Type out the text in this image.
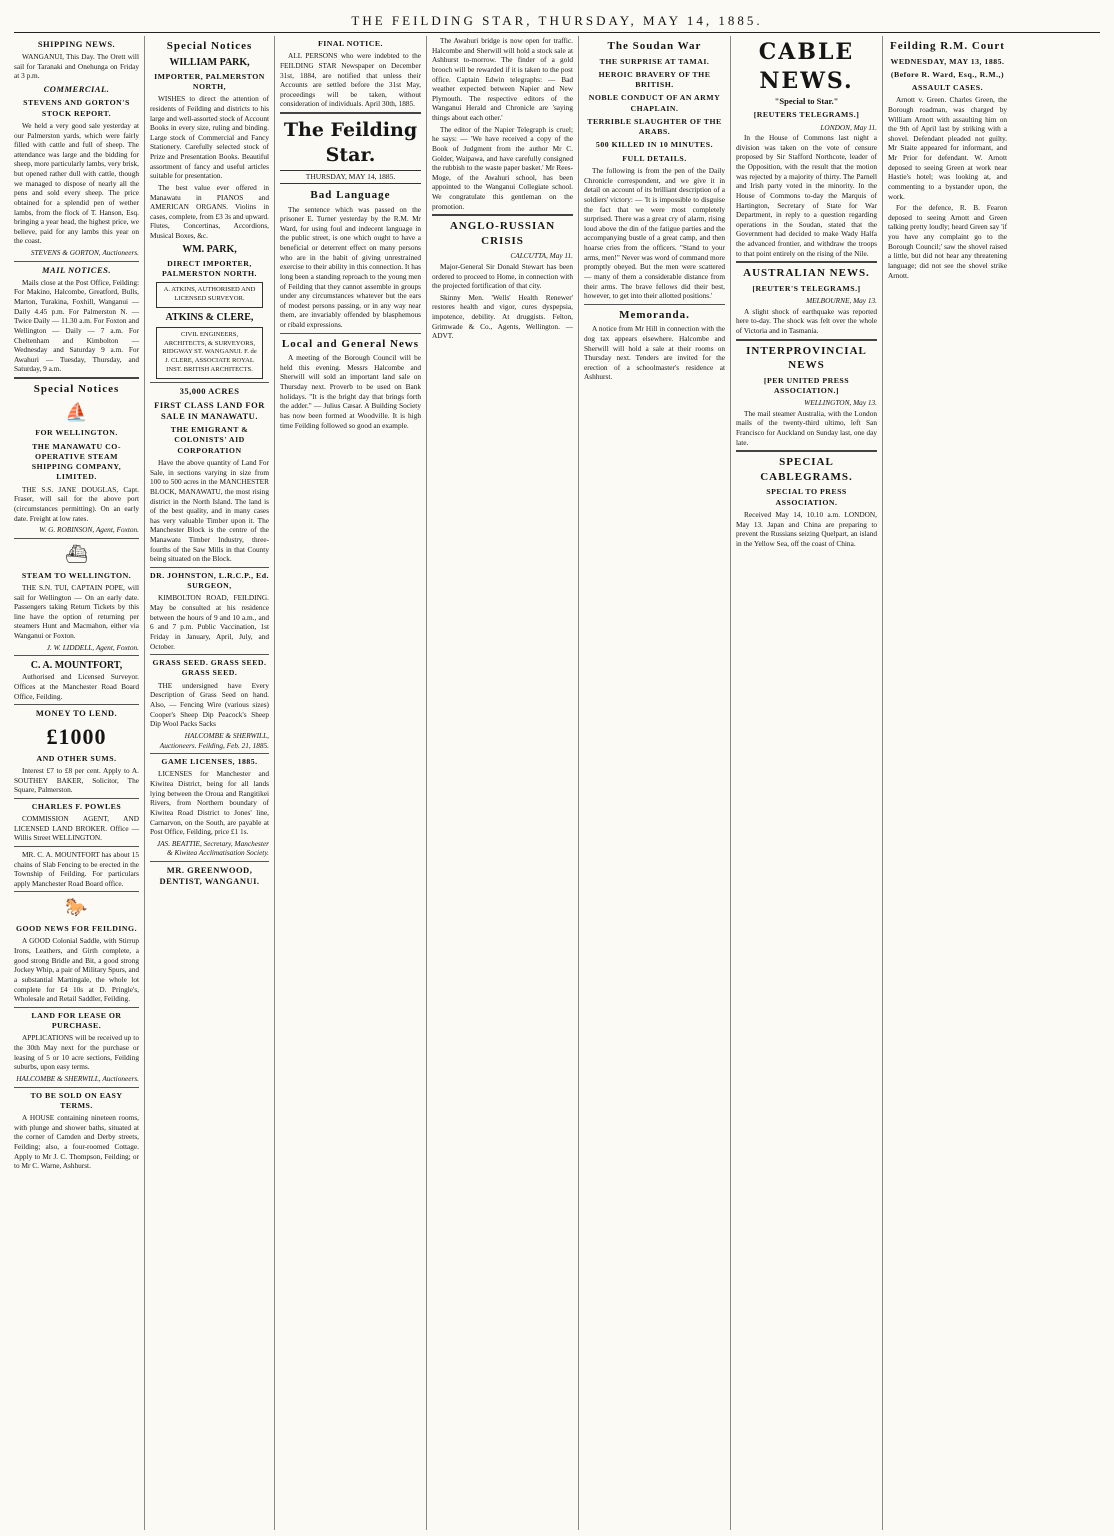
THE FEILDING STAR, THURSDAY, MAY 14, 1885.
SHIPPING NEWS.

WANGANUI, This Day. The Orett will sail for Taranaki and Onehunga on Friday at 3 p.m.

COMMERCIAL.
STEVENS AND GORTON'S STOCK REPORT.

We held a very good sale yesterday at our Palmerston yards, which were fairly filled with cattle and full of sheep. The attendance was large and the bidding for sheep, more particularly lambs, very brisk, but opened rather dull with cattle, though we managed to dispose of nearly all the pens and sold every sheep. The price obtained for a splendid pen of wether lambs, from the flock of T. Hanson, Esq. bringing a year head, the highest price, we believe, paid for any lambs this year on the coast.

STEVENS & GORTON, Auctioneers.
MAIL NOTICES.

Mails close at the Post Office, Feilding: For Makino, Halcombe, Greatford, Bulls, Marton, Turakina, Foxhill, Wanganui — Daily 4.45 p.m. For Palmerston N. — Twice Daily — 11.30 a.m. For Foxton and Wellington — Daily — 7 a.m. For Cheltenham and Kimbolton — Wednesday and Saturday 9 a.m. For Awahuri — Tuesday, Thursday, and Saturday, 9 a.m.

Special Notices
⛵
FOR WELLINGTON.
THE MANAWATU CO-OPERATIVE STEAM SHIPPING COMPANY, LIMITED.

THE S.S. JANE DOUGLAS, Capt. Fraser, will sail for the above port (circumstances permitting). On an early date. Freight at low rates.

W. G. ROBINSON, Agent, Foxton.
⛴
STEAM TO WELLINGTON.

THE S.N. TUI, CAPTAIN POPE, will sail for Wellington — On an early date. Passengers taking Return Tickets by this line have the option of returning per steamers Hunt and Macmahon, either via Wanganui or Foxton.

J. W. LIDDELL, Agent, Foxton.
C. A. MOUNTFORT,

Authorised and Licensed Surveyor. Offices at the Manchester Road Board Office, Feilding.

MONEY TO LEND.
£1000
AND OTHER SUMS.

Interest £7 to £8 per cent. Apply to A. SOUTHEY BAKER, Solicitor, The Square, Palmerston.

CHARLES F. POWLES

COMMISSION AGENT, AND LICENSED LAND BROKER. Office — Willis Street WELLINGTON.

MR. C. A. MOUNTFORT has about 15 chains of Slab Fencing to be erected in the Township of Feilding. For particulars apply Manchester Road Board office.

🐎
GOOD NEWS FOR FEILDING.

A GOOD Colonial Saddle, with Stirrup Irons, Leathers, and Girth complete, a good strong Bridle and Bit, a good strong Jockey Whip, a pair of Military Spurs, and a substantial Martingale, the whole lot complete for £4 10s at D. Pringle's, Wholesale and Retail Saddler, Feilding.

LAND FOR LEASE OR PURCHASE.

APPLICATIONS will be received up to the 30th May next for the purchase or leasing of 5 or 10 acre sections, Feilding suburbs, upon easy terms.

HALCOMBE & SHERWILL, Auctioneers.
TO BE SOLD ON EASY TERMS.

A HOUSE containing nineteen rooms, with plunge and shower baths, situated at the corner of Camden and Derby streets, Feilding; also, a four-roomed Cottage. Apply to Mr J. C. Thompson, Feilding; or to Mr C. Warne, Ashhurst.

Special Notices
WILLIAM PARK,
IMPORTER, PALMERSTON NORTH,

WISHES to direct the attention of residents of Feilding and districts to his large and well-assorted stock of Account Books in every size, ruling and binding. Large stock of Commercial and Fancy Stationery. Carefully selected stock of Prize and Presentation Books. Beautiful assortment of fancy and useful articles suitable for presentation.

The best value ever offered in Manawatu in PIANOS and AMERICAN ORGANS. Violins in cases, complete, from £3 3s and upward. Flutes, Concertinas, Accordions, Musical Boxes, &c.

WM. PARK,
DIRECT IMPORTER, PALMERSTON NORTH.
A. ATKINS, AUTHORISED AND LICENSED SURVEYOR.
ATKINS & CLERE,
CIVIL ENGINEERS, ARCHITECTS, & SURVEYORS, RIDGWAY ST. WANGANUI. F. de J. CLERE, ASSOCIATE ROYAL INST. BRITISH ARCHITECTS.
35,000 ACRES
FIRST CLASS LAND FOR SALE IN MANAWATU.
THE EMIGRANT & COLONISTS' AID CORPORATION

Have the above quantity of Land For Sale, in sections varying in size from 100 to 500 acres in the MANCHESTER BLOCK, MANAWATU, the most rising district in the North Island. The land is of the best quality, and in many cases has very valuable Timber upon it. The Manchester Block is the centre of the Manawatu Timber Industry, three-fourths of the Saw Mills in that County being situated on the Block.

DR. JOHNSTON, L.R.C.P., Ed. SURGEON,

KIMBOLTON ROAD, FEILDING. May be consulted at his residence between the hours of 9 and 10 a.m., and 6 and 7 p.m. Public Vaccination, 1st Friday in January, April, July, and October.

GRASS SEED. GRASS SEED. GRASS SEED.

THE undersigned have Every Description of Grass Seed on hand. Also, — Fencing Wire (various sizes) Cooper's Sheep Dip Peacock's Sheep Dip Wool Packs Sacks

HALCOMBE & SHERWILL, Auctioneers. Feilding, Feb. 21, 1885.
GAME LICENSES, 1885.

LICENSES for Manchester and Kiwitea District, being for all lands lying between the Oroua and Rangitikei Rivers, from Northern boundary of Kiwitea Road District to Jones' line, Carnarvon, on the South, are payable at Post Office, Feilding, price £1 1s.

JAS. BEATTIE, Secretary, Manchester & Kiwitea Acclimatisation Society.
MR. GREENWOOD, DENTIST, WANGANUI.
FINAL NOTICE.

ALL PERSONS who were indebted to the FEILDING STAR Newspaper on December 31st, 1884, are notified that unless their Accounts are settled before the 31st May, proceedings will be taken, without consideration of individuals. April 30th, 1885.

The Feilding Star.
THURSDAY, MAY 14, 1885.
Bad Language

The sentence which was passed on the prisoner E. Turner yesterday by the R.M. Mr Ward, for using foul and indecent language in the public street, is one which ought to have a beneficial or deterrent effect on many persons who are in the habit of giving unrestrained exercise to their ability in this connection. It has long been a standing reproach to the young men of Feilding that they cannot assemble in groups under any circumstances whatever but the ears of modest persons passing, or in any way near them, are invariably offended by blasphemous or ribald expressions.

Local and General News

A meeting of the Borough Council will be held this evening. Messrs Halcombe and Sherwill will sold an important land sale on Thursday next. Proverb to be used on Bank holidays. "It is the bright day that brings forth the adder." — Julius Cæsar. A Building Society has now been formed at Woodville. It is high time Feilding followed so good an example.

The Awahuri bridge is now open for traffic. Halcombe and Sherwill will hold a stock sale at Ashhurst to-morrow. The finder of a gold brooch will be rewarded if it is taken to the post office. Captain Edwin telegraphs: — Bad weather expected between Napier and New Plymouth. The respective editors of the Wanganui Herald and Chronicle are 'saying things about each other.'

The editor of the Napier Telegraph is cruel; he says: — 'We have received a copy of the Book of Judgment from the author Mr C. Golder, Waipawa, and have carefully consigned the rubbish to the waste paper basket.' Mr Rees-Moge, of the Awahuri school, has been appointed to the Wanganui Collegiate school. We congratulate this gentleman on the promotion.

ANGLO-RUSSIAN CRISIS
CALCUTTA, May 11.

Major-General Sir Donald Stewart has been ordered to proceed to Home, in connection with the projected fortification of that city.

Skinny Men. 'Wells' Health Renewer' restores health and vigor, cures dyspepsia, impotence, debility. At druggists. Felton, Grimwade & Co., Agents, Wellington. — ADVT.

The Soudan War
THE SURPRISE AT TAMAI.
HEROIC BRAVERY OF THE BRITISH.
NOBLE CONDUCT OF AN ARMY CHAPLAIN.
TERRIBLE SLAUGHTER OF THE ARABS.
500 KILLED IN 10 MINUTES.
FULL DETAILS.

The following is from the pen of the Daily Chronicle correspondent, and we give it in detail on account of its brilliant description of a soldiers' victory: — 'It is impossible to disguise the fact that we were most completely surprised. There was a great cry of alarm, rising loud above the din of the fatigue parties and the accompanying bustle of a great camp, and then hoarse cries from the officers. "Stand to your arms, men!" Never was word of command more promptly obeyed. But the men were scattered — many of them a considerable distance from their arms. The brave fellows did their best, however, to get into their allotted positions.'

Memoranda.

A notice from Mr Hill in connection with the dog tax appears elsewhere. Halcombe and Sherwill will hold a sale at their rooms on Thursday next. Tenders are invited for the erection of a schoolmaster's residence at Ashhurst.

CABLE NEWS.
"Special to Star."
[REUTERS TELEGRAMS.]
LONDON, May 11.

In the House of Commons last night a division was taken on the vote of censure proposed by Sir Stafford Northcote, leader of the Opposition, with the result that the motion was rejected by a majority of thirty. The Parnell and Irish party voted in the minority. In the House of Commons to-day the Marquis of Hartington, Secretary of State for War Department, in reply to a question regarding operations in the Soudan, stated that the Government had decided to make Wady Halfa the advanced frontier, and withdraw the troops to that point entirely on the rising of the Nile.

AUSTRALIAN NEWS.
[REUTER'S TELEGRAMS.]
MELBOURNE, May 13.

A slight shock of earthquake was reported here to-day. The shock was felt over the whole of Victoria and in Tasmania.

INTERPROVINCIAL NEWS
[PER UNITED PRESS ASSOCIATION.]
WELLINGTON, May 13.

The mail steamer Australia, with the London mails of the twenty-third ultimo, left San Francisco for Auckland on Sunday last, one day late.

SPECIAL CABLEGRAMS.
SPECIAL TO PRESS ASSOCIATION.

Received May 14, 10.10 a.m. LONDON, May 13. Japan and China are preparing to prevent the Russians seizing Quelpart, an island in the Yellow Sea, off the coast of China.

Feilding R.M. Court
WEDNESDAY, MAY 13, 1885.
(Before R. Ward, Esq., R.M.,)
ASSAULT CASES.

Arnott v. Green. Charles Green, the Borough roadman, was charged by William Arnott with assaulting him on the 9th of April last by striking with a shovel. Defendant pleaded not guilty. Mr Staite appeared for informant, and Mr Prior for defendant. W. Arnott deposed to seeing Green at work near Hastie's hotel; was looking at, and commenting to a bystander upon, the work.

For the defence, R. B. Fearon deposed to seeing Arnott and Green talking pretty loudly; heard Green say 'if you have any complaint go to the Borough Council;' saw the shovel raised a little, but did not hear any threatening language; did not see the shovel strike Arnott.
